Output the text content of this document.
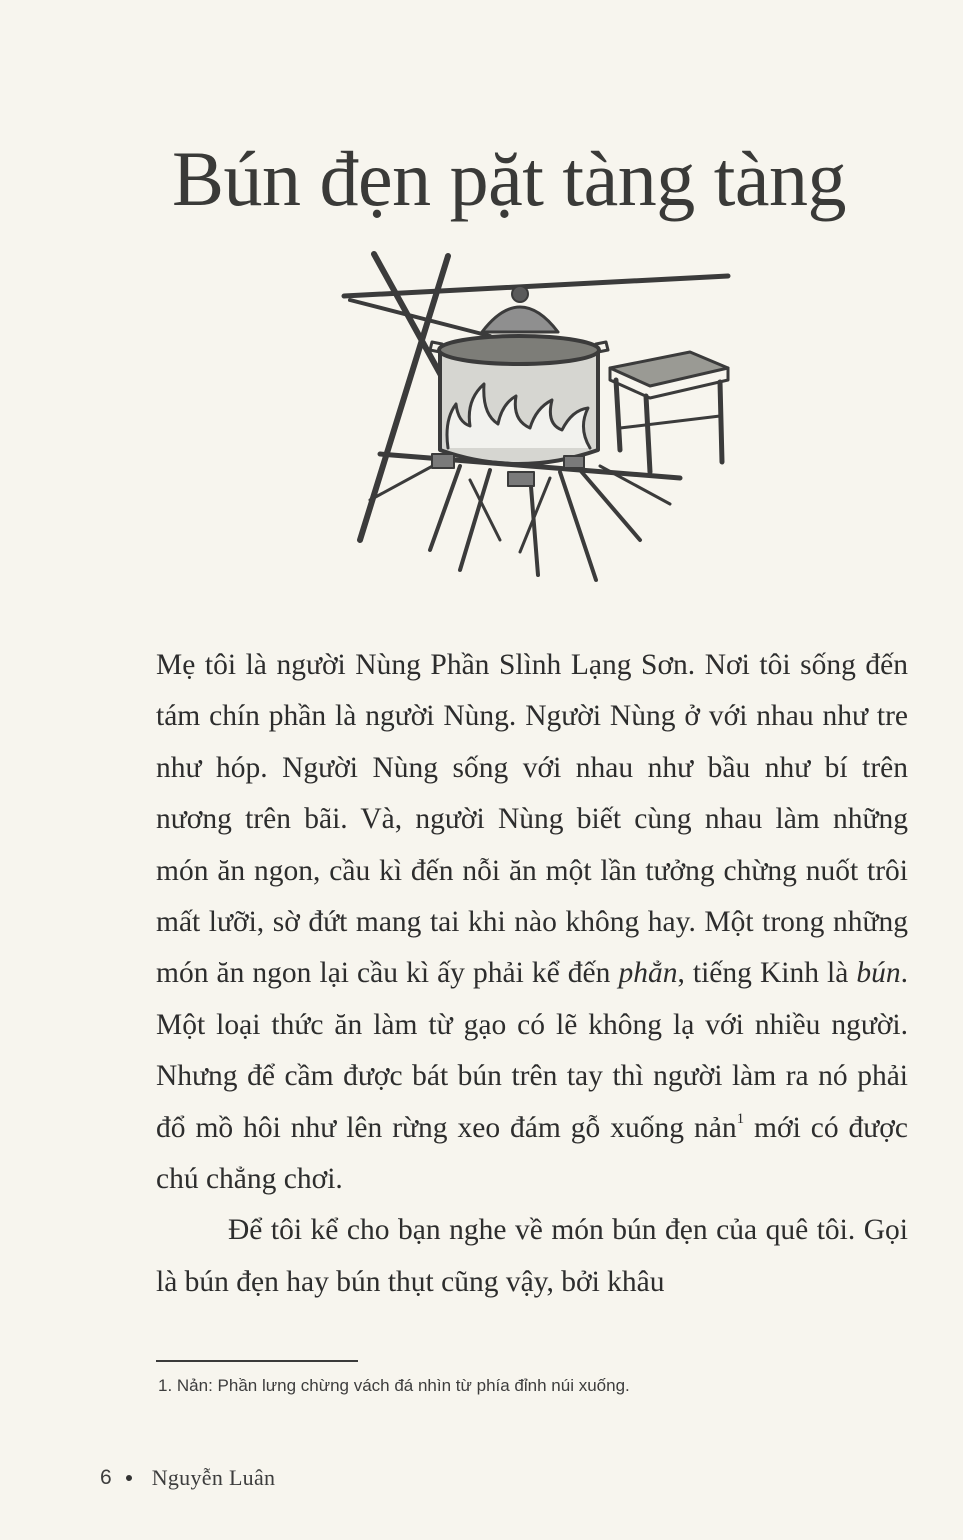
Bún đẹn pặt tàng tàng

Mẹ tôi là người Nùng Phần Slình Lạng Sơn. Nơi tôi sống đến tám chín phần là người Nùng. Người Nùng ở với nhau như tre như hóp. Người Nùng sống với nhau như bầu như bí trên nương trên bãi. Và, người Nùng biết cùng nhau làm những món ăn ngon, cầu kì đến nỗi ăn một lần tưởng chừng nuốt trôi mất lưỡi, sờ đứt mang tai khi nào không hay. Một trong những món ăn ngon lại cầu kì ấy phải kể đến phẳn, tiếng Kinh là bún. Một loại thức ăn làm từ gạo có lẽ không lạ với nhiều người. Nhưng để cầm được bát bún trên tay thì người làm ra nó phải đổ mồ hôi như lên rừng xeo đám gỗ xuống nản$^1$ mới có được chú chẳng chơi.

Để tôi kể cho bạn nghe về món bún đẹn của quê tôi. Gọi là bún đẹn hay bún thụt cũng vậy, bởi khâu

1. Nản: Phần lưng chừng vách đá nhìn từ phía đỉnh núi xuống.
6 Nguyễn Luân
